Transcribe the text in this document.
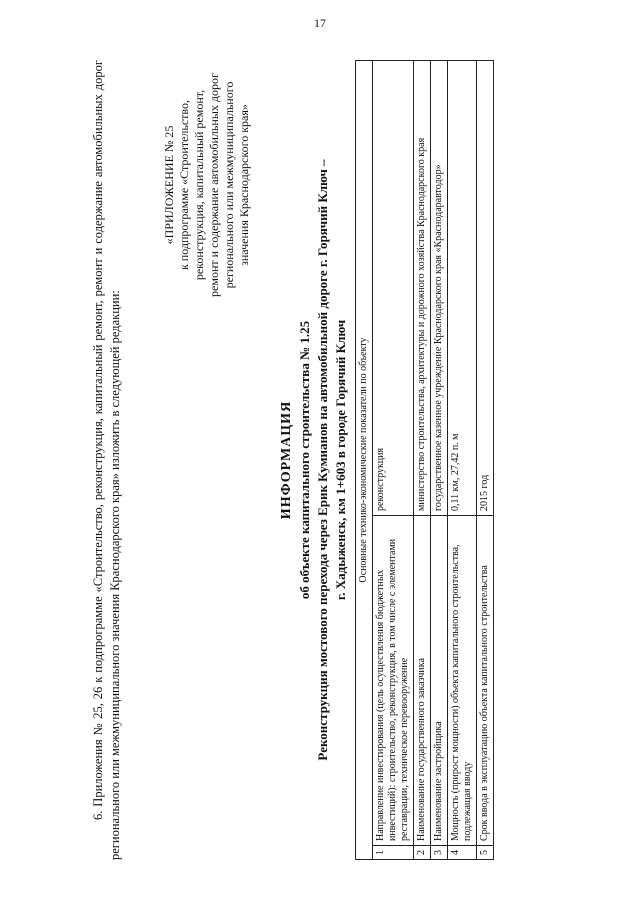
17

6. Приложения № 25, 26 к подпрограмме «Строительство, реконструкция, капитальный ремонт, ремонт и содержание автомобильных дорог регионального или межмуниципального значения Краснодарского края» изложить в следующей редакции:

«ПРИЛОЖЕНИЕ № 25 к подпрограмме «Строительство, реконструкция, капитальный ремонт, ремонт и содержание автомобильных дорог регионального или межмуниципального значения Краснодарского края»
ИНФОРМАЦИЯ об объекте капитального строительства № 1.25 Реконструкция мостового перехода через Ерик Кумианов на автомобильной дороге г. Горячий Ключ – г. Хадыженск, км 1+603 в городе Горячий Ключ Основные технико-экономические показатели по объекту		
1	Направление инвестирования (цель осуществления бюджетных инвестиций): строительство, реконструкция, в том числе с элементами реставрации, техническое перевооружение	реконструкция
2	Наименование государственного заказчика	министерство строительства, архитектуры и дорожного хозяйства Краснодарского края
3	Наименование застройщика	государственное казенное учреждение Краснодарского края «Краснодаравтодор»
4	Мощность (прирост мощности) объекта капитального строительства, подлежащая вводу	0,11 км, 27,42 п. м
5	Срок ввода в эксплуатацию объекта капитального строительства	2015 год
